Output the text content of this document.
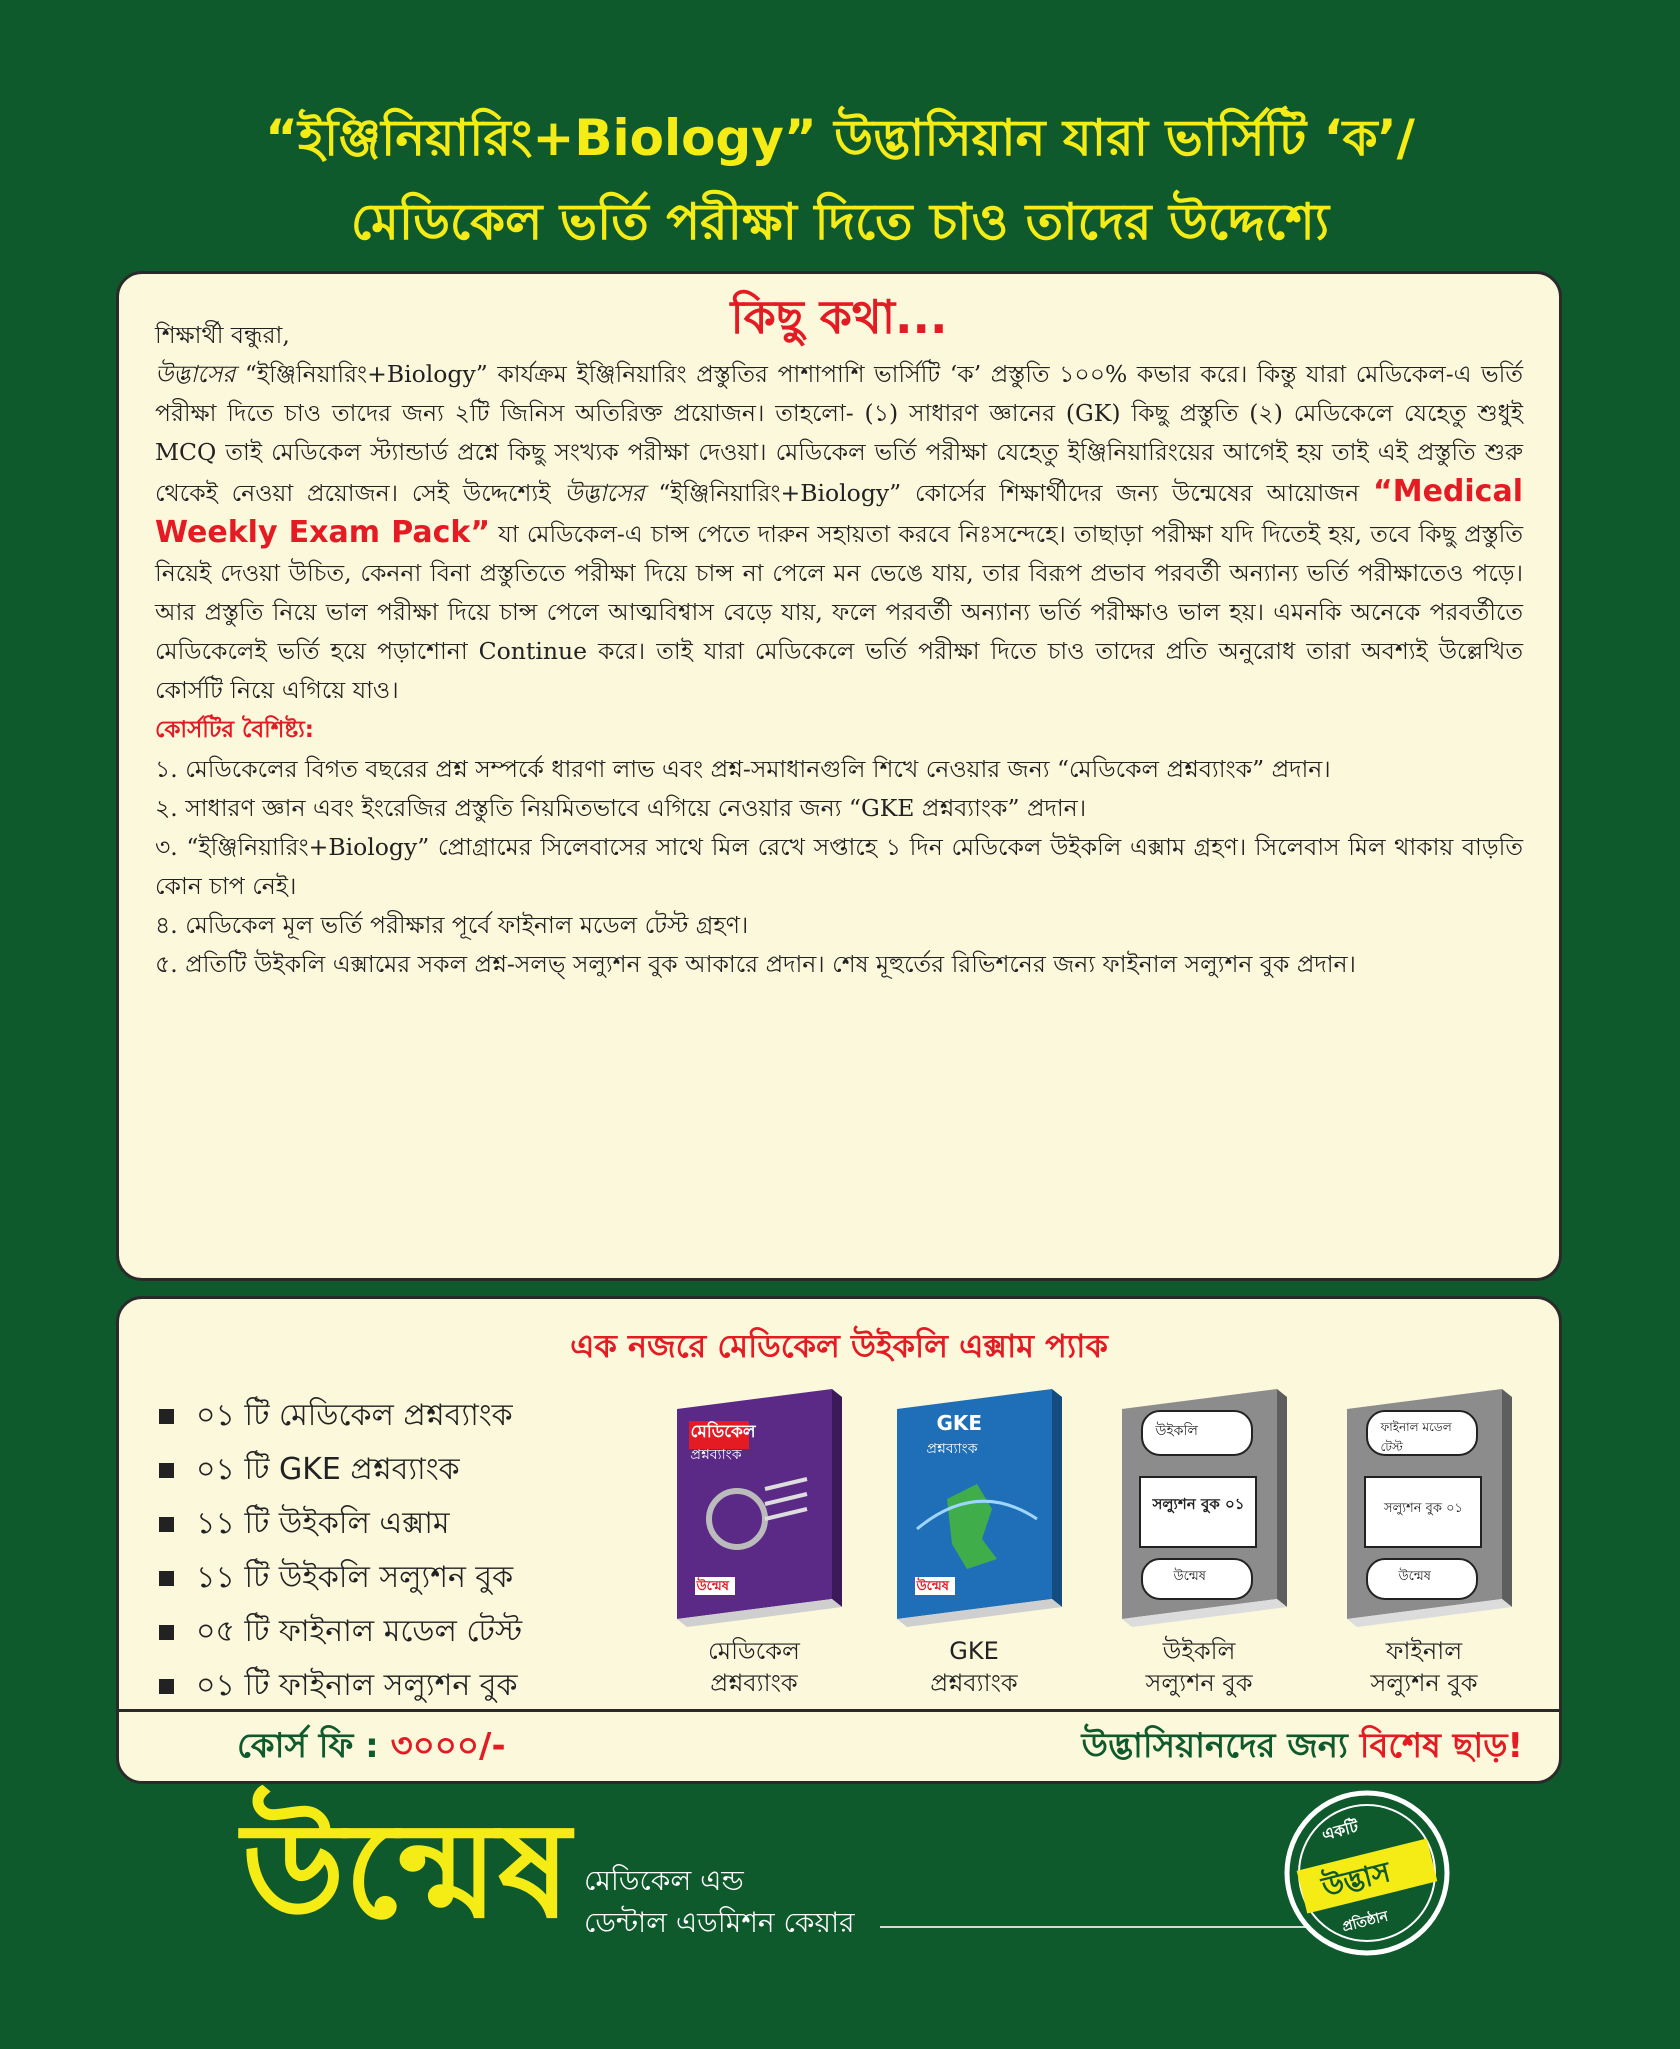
“ইঞ্জিনিয়ারিং+Biology” উদ্ভাসিয়ান যারা ভার্সিটি ‘ক’/
মেডিকেল ভর্তি পরীক্ষা দিতে চাও তাদের উদ্দেশ্যে
কিছু কথা...

শিক্ষার্থী বন্ধুরা,

উদ্ভাসের “ইঞ্জিনিয়ারিং+Biology” কার্যক্রম ইঞ্জিনিয়ারিং প্রস্তুতির পাশাপাশি ভার্সিটি ‘ক’ প্রস্তুতি ১০০% কভার করে। কিন্তু যারা মেডিকেল-এ ভর্তি পরীক্ষা দিতে চাও তাদের জন্য ২টি জিনিস অতিরিক্ত প্রয়োজন। তাহলো- (১) সাধারণ জ্ঞানের (GK) কিছু প্রস্তুতি (২) মেডিকেলে যেহেতু শুধুই MCQ তাই মেডিকেল স্ট্যান্ডার্ড প্রশ্নে কিছু সংখ্যক পরীক্ষা দেওয়া। মেডিকেল ভর্তি পরীক্ষা যেহেতু ইঞ্জিনিয়ারিংয়ের আগেই হয় তাই এই প্রস্তুতি শুরু থেকেই নেওয়া প্রয়োজন। সেই উদ্দেশ্যেই উদ্ভাসের “ইঞ্জিনিয়ারিং+Biology” কোর্সের শিক্ষার্থীদের জন্য উন্মেষের আয়োজন “Medical Weekly Exam Pack” যা মেডিকেল-এ চান্স পেতে দারুন সহায়তা করবে নিঃসন্দেহে। তাছাড়া পরীক্ষা যদি দিতেই হয়, তবে কিছু প্রস্তুতি নিয়েই দেওয়া উচিত, কেননা বিনা প্রস্তুতিতে পরীক্ষা দিয়ে চান্স না পেলে মন ভেঙে যায়, তার বিরূপ প্রভাব পরবর্তী অন্যান্য ভর্তি পরীক্ষাতেও পড়ে। আর প্রস্তুতি নিয়ে ভাল পরীক্ষা দিয়ে চান্স পেলে আত্মবিশ্বাস বেড়ে যায়, ফলে পরবর্তী অন্যান্য ভর্তি পরীক্ষাও ভাল হয়। এমনকি অনেকে পরবর্তীতে মেডিকেলেই ভর্তি হয়ে পড়াশোনা Continue করে। তাই যারা মেডিকেলে ভর্তি পরীক্ষা দিতে চাও তাদের প্রতি অনুরোধ তারা অবশ্যই উল্লেখিত কোর্সটি নিয়ে এগিয়ে যাও।

কোর্সটির বৈশিষ্ট্য:

১. মেডিকেলের বিগত বছরের প্রশ্ন সম্পর্কে ধারণা লাভ এবং প্রশ্ন-সমাধানগুলি শিখে নেওয়ার জন্য “মেডিকেল প্রশ্নব্যাংক” প্রদান।

২. সাধারণ জ্ঞান এবং ইংরেজির প্রস্তুতি নিয়মিতভাবে এগিয়ে নেওয়ার জন্য “GKE প্রশ্নব্যাংক” প্রদান।

৩. “ইঞ্জিনিয়ারিং+Biology” প্রোগ্রামের সিলেবাসের সাথে মিল রেখে সপ্তাহে ১ দিন মেডিকেল উইকলি এক্সাম গ্রহণ। সিলেবাস মিল থাকায় বাড়তি কোন চাপ নেই।

৪. মেডিকেল মূল ভর্তি পরীক্ষার পূর্বে ফাইনাল মডেল টেস্ট গ্রহণ।

৫. প্রতিটি উইকলি এক্সামের সকল প্রশ্ন-সলভ্ সল্যুশন বুক আকারে প্রদান। শেষ মূহুর্তের রিভিশনের জন্য ফাইনাল সল্যুশন বুক প্রদান।

এক নজরে মেডিকেল উইকলি এক্সাম প্যাক
০১ টি মেডিকেল প্রশ্নব্যাংক
০১ টি GKE প্রশ্নব্যাংক
১১ টি উইকলি এক্সাম
১১ টি উইকলি সল্যুশন বুক
০৫ টি ফাইনাল মডেল টেস্ট
০১ টি ফাইনাল সল্যুশন বুক
মেডিকেল
প্রশ্নব্যাংক
উন্মেষ
মেডিকেল
প্রশ্নব্যাংক
GKE
প্রশ্নব্যাংক
উন্মেষ
GKE
প্রশ্নব্যাংক
উইকলি
সল্যুশন বুক ০১
উন্মেষ
উইকলি
সল্যুশন বুক
ফাইনাল মডেল টেস্ট
সল্যুশন বুক ০১
উন্মেষ
ফাইনাল
সল্যুশন বুক
কোর্স ফি : ৩০০০/-	উদ্ভাসিয়ানদের জন্য বিশেষ ছাড়!
উন্মেষ মেডিকেল এন্ড
ডেন্টাল এডমিশন কেয়ার
একটি
উদ্ভাস
প্রতিষ্ঠান
